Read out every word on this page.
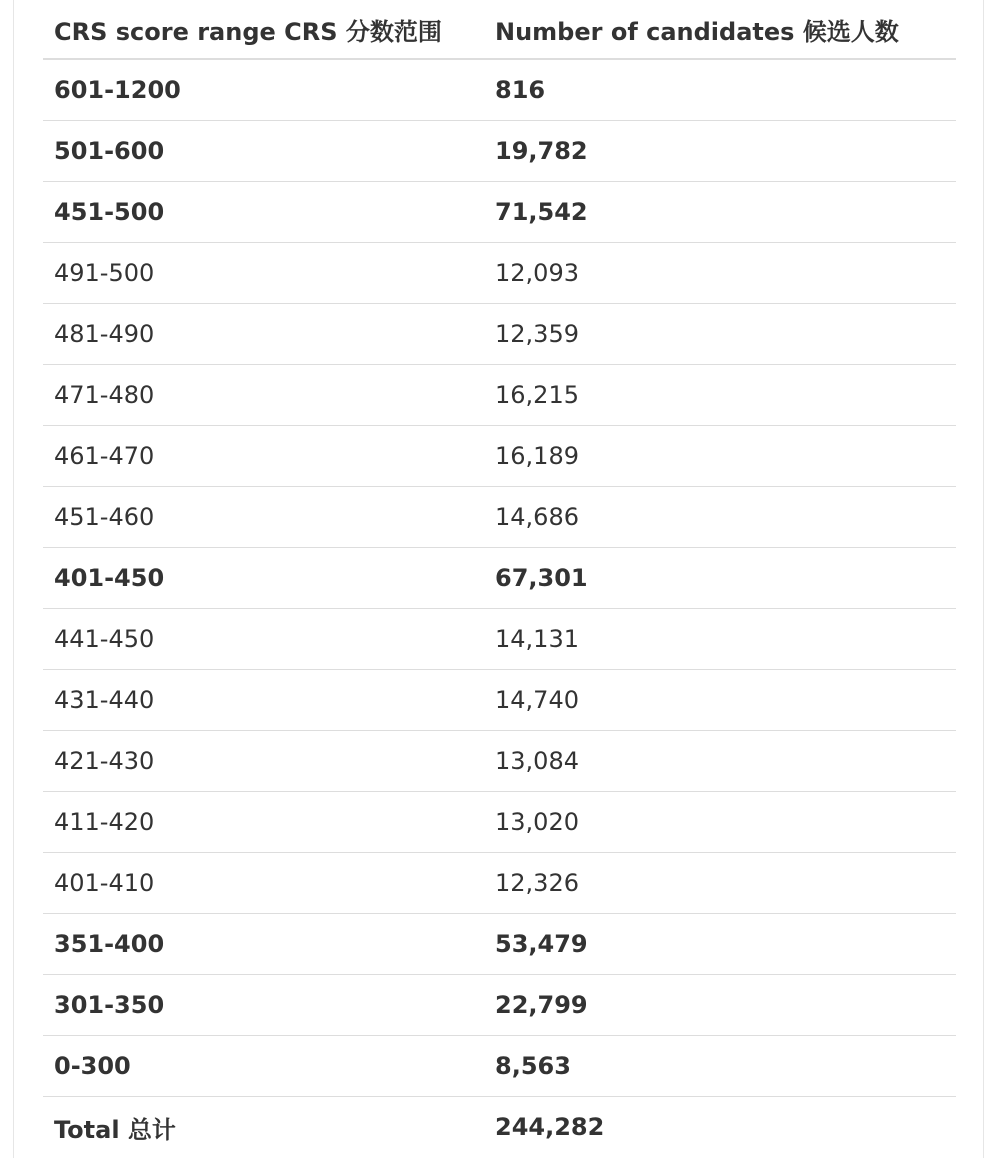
CRS score range CRS 分数范围	Number of candidates 候选人数
601-1200	816
501-600	19,782
451-500	71,542
491-500	12,093
481-490	12,359
471-480	16,215
461-470	16,189
451-460	14,686
401-450	67,301
441-450	14,131
431-440	14,740
421-430	13,084
411-420	13,020
401-410	12,326
351-400	53,479
301-350	22,799
0-300	8,563
Total 总计	244,282
